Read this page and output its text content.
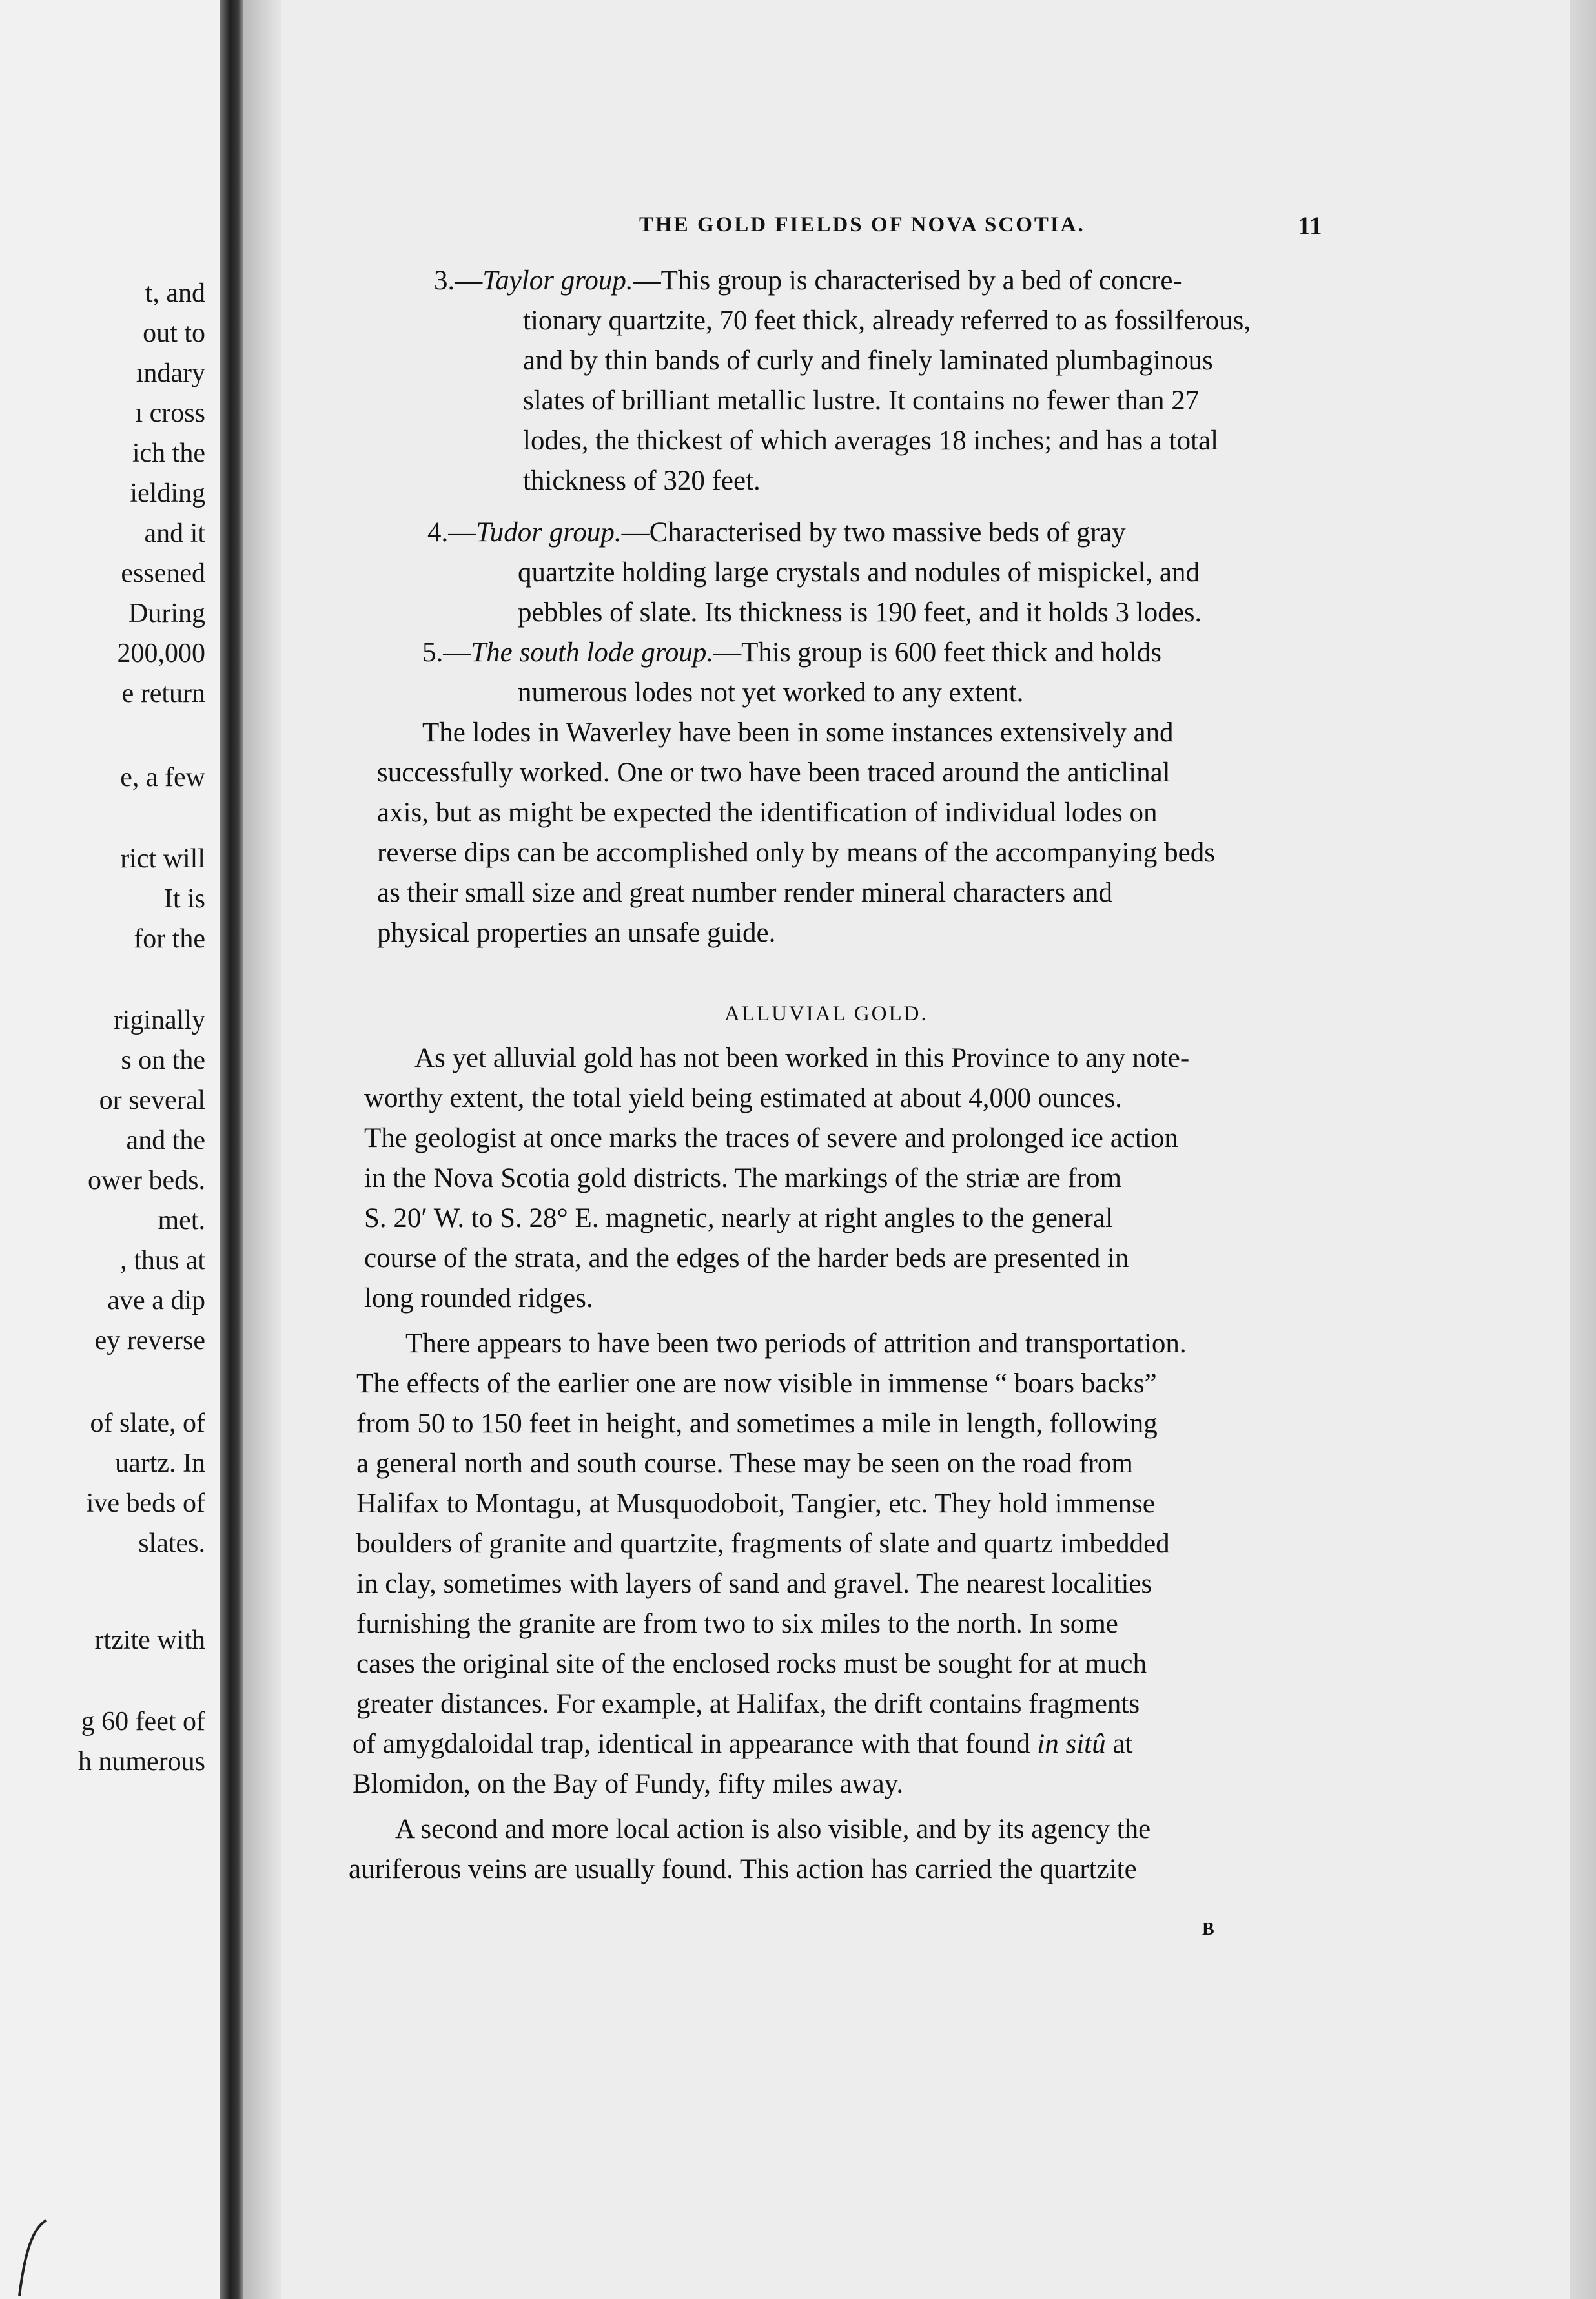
t, and
out to
ındary
ı cross
ich the
ielding
and it
essened
During
200,000
e return
e, a few
rict will
It is
for the
riginally
s on the
or several
and the
ower beds.
met.
, thus at
ave a dip
ey reverse
of slate, of
uartz. In
ive beds of
slates.
rtzite with
g 60 feet of
h numerous
THE GOLD FIELDS OF NOVA SCOTIA.	11
3.—Taylor group.—This group is characterised by a bed of concre-
tionary quartzite, 70 feet thick, already referred to as fossilferous,
and by thin bands of curly and finely laminated plumbaginous
slates of brilliant metallic lustre. It contains no fewer than 27
lodes, the thickest of which averages 18 inches; and has a total
thickness of 320 feet.
4.—Tudor group.—Characterised by two massive beds of gray
quartzite holding large crystals and nodules of mispickel, and
pebbles of slate. Its thickness is 190 feet, and it holds 3 lodes.
5.—The south lode group.—This group is 600 feet thick and holds
numerous lodes not yet worked to any extent.
The lodes in Waverley have been in some instances extensively and
successfully worked. One or two have been traced around the anticlinal
axis, but as might be expected the identification of individual lodes on
reverse dips can be accomplished only by means of the accompanying beds
as their small size and great number render mineral characters and
physical properties an unsafe guide.
ALLUVIAL GOLD.
As yet alluvial gold has not been worked in this Province to any note-
worthy extent, the total yield being estimated at about 4,000 ounces.
The geologist at once marks the traces of severe and prolonged ice action
in the Nova Scotia gold districts. The markings of the striæ are from
S. 20′ W. to S. 28° E. magnetic, nearly at right angles to the general
course of the strata, and the edges of the harder beds are presented in
long rounded ridges.
There appears to have been two periods of attrition and transportation.
The effects of the earlier one are now visible in immense “ boars backs”
from 50 to 150 feet in height, and sometimes a mile in length, following
a general north and south course. These may be seen on the road from
Halifax to Montagu, at Musquodoboit, Tangier, etc. They hold immense
boulders of granite and quartzite, fragments of slate and quartz imbedded
in clay, sometimes with layers of sand and gravel. The nearest localities
furnishing the granite are from two to six miles to the north. In some
cases the original site of the enclosed rocks must be sought for at much
greater distances. For example, at Halifax, the drift contains fragments
of amygdaloidal trap, identical in appearance with that found in sitû at
Blomidon, on the Bay of Fundy, fifty miles away.
A second and more local action is also visible, and by its agency the
auriferous veins are usually found. This action has carried the quartzite
B
